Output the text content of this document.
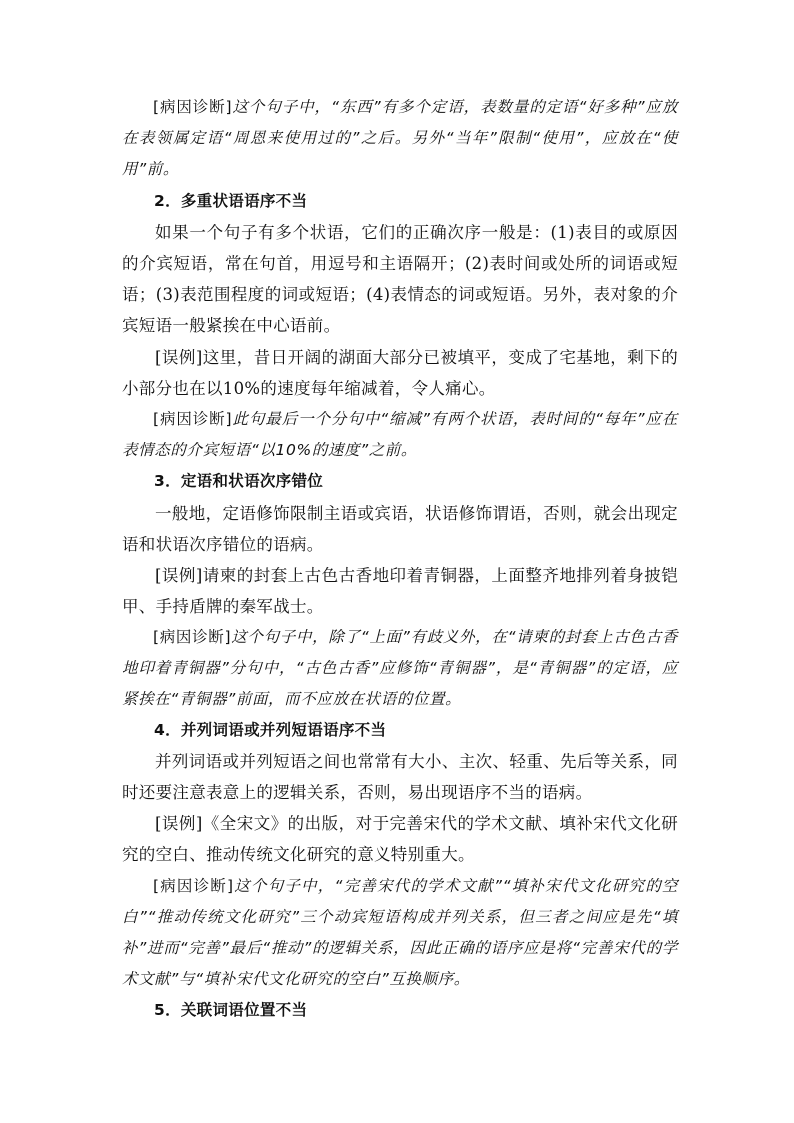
[病因诊断]这个句子中，“东西”有多个定语，表数量的定语“好多种”应放在表领属定语“周恩来使用过的”之后。另外“当年”限制“使用”，应放在“使用”前。

2．多重状语语序不当

如果一个句子有多个状语，它们的正确次序一般是：(1)表目的或原因的介宾短语，常在句首，用逗号和主语隔开；(2)表时间或处所的词语或短语；(3)表范围程度的词或短语；(4)表情态的词或短语。另外，表对象的介宾短语一般紧挨在中心语前。

[误例]这里，昔日开阔的湖面大部分已被填平，变成了宅基地，剩下的小部分也在以10%的速度每年缩减着，令人痛心。

[病因诊断]此句最后一个分句中“缩减”有两个状语，表时间的“每年”应在表情态的介宾短语“以10%的速度”之前。

3．定语和状语次序错位

一般地，定语修饰限制主语或宾语，状语修饰谓语，否则，就会出现定语和状语次序错位的语病。

[误例]请柬的封套上古色古香地印着青铜器，上面整齐地排列着身披铠甲、手持盾牌的秦军战士。

[病因诊断]这个句子中，除了“上面”有歧义外，在“请柬的封套上古色古香地印着青铜器”分句中，“古色古香”应修饰“青铜器”，是“青铜器”的定语，应紧挨在“青铜器”前面，而不应放在状语的位置。

4．并列词语或并列短语语序不当

并列词语或并列短语之间也常常有大小、主次、轻重、先后等关系，同时还要注意表意上的逻辑关系，否则，易出现语序不当的语病。

[误例]《全宋文》的出版，对于完善宋代的学术文献、填补宋代文化研究的空白、推动传统文化研究的意义特别重大。

[病因诊断]这个句子中，“完善宋代的学术文献”“填补宋代文化研究的空白”“推动传统文化研究”三个动宾短语构成并列关系，但三者之间应是先“填补”进而“完善”最后“推动”的逻辑关系，因此正确的语序应是将“完善宋代的学术文献”与“填补宋代文化研究的空白”互换顺序。

5．关联词语位置不当
